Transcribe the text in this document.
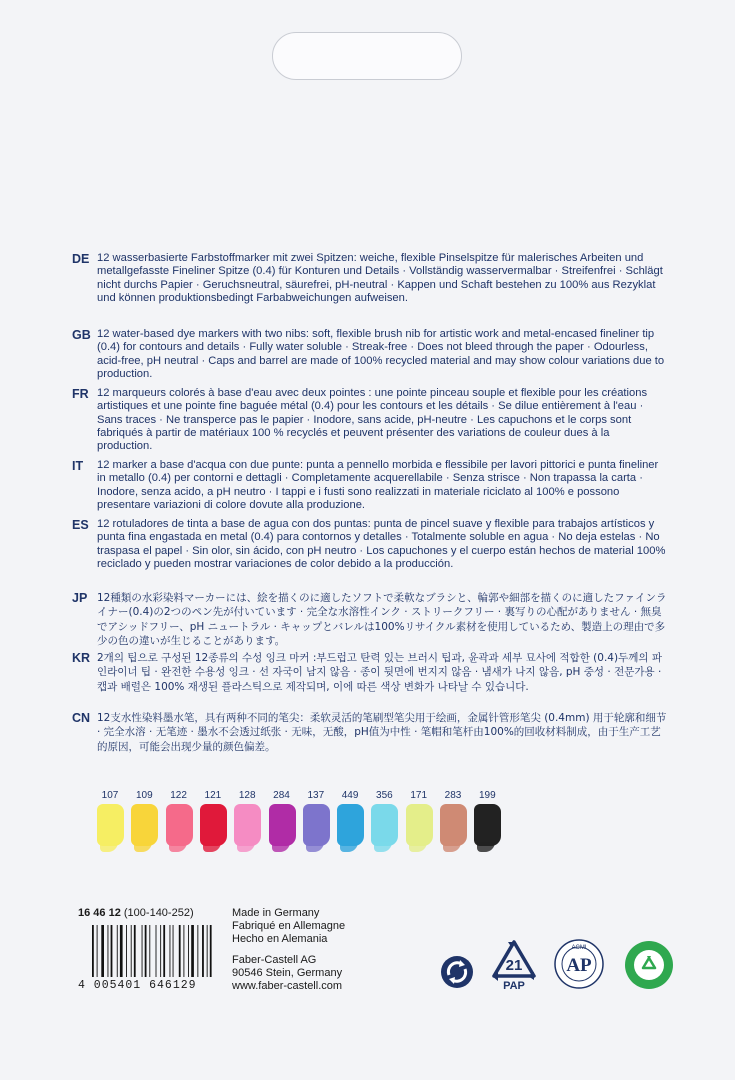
DE 12 wasserbasierte Farbstoffmarker mit zwei Spitzen: weiche, flexible Pinselspitze für malerisches Arbeiten und metallgefasste Fineliner Spitze (0.4) für Konturen und Details · Vollständig wasservermalbar · Streifenfrei · Schlägt nicht durchs Papier · Geruchsneutral, säurefrei, pH-neutral · Kappen und Schaft bestehen zu 100% aus Rezyklat und können produktionsbedingt Farbabweichungen aufweisen.

GB 12 water-based dye markers with two nibs: soft, flexible brush nib for artistic work and metal-encased fineliner tip (0.4) for contours and details · Fully water soluble · Streak-free · Does not bleed through the paper · Odourless, acid-free, pH neutral · Caps and barrel are made of 100% recycled material and may show colour variations due to production.

FR 12 marqueurs colorés à base d'eau avec deux pointes : une pointe pinceau souple et flexible pour les créations artistiques et une pointe fine baguée métal (0.4) pour les contours et les détails · Se dilue entièrement à l'eau · Sans traces · Ne transperce pas le papier · Inodore, sans acide, pH-neutre · Les capuchons et le corps sont fabriqués à partir de matériaux 100 % recyclés et peuvent présenter des variations de couleur dues à la production.

IT	12 marker a base d'acqua con due punte: punta a pennello morbida e flessibile per lavori pittorici e punta fineliner in metallo (0.4) per contorni e dettagli · Completamente acquerellabile · Senza strisce · Non trapassa la carta · Inodore, senza acido, a pH neutro · I tappi e i fusti sono realizzati in materiale riciclato al 100% e possono presentare variazioni di colore dovute alla produzione.

ES 12 rotuladores de tinta a base de agua con dos puntas: punta de pincel suave y flexible para trabajos artísticos y punta fina engastada en metal (0.4) para contornos y detalles · Totalmente soluble en agua · No deja estelas · No traspasa el papel · Sin olor, sin ácido, con pH neutro · Los capuchones y el cuerpo están hechos de material 100% reciclado y pueden mostrar variaciones de color debido a la producción.

JP 12種類の水彩染料マーカーには、絵を描くのに適したソフトで柔軟なブラシと、輪郭や細部を描くのに適したファインライナー(0.4)の2つのペン先が付いています · 完全な水溶性インク · ストリークフリー · 裏写りの心配がありません · 無臭でアシッドフリー、pH ニュートラル · キャップとバレルは100%リサイクル素材を使用しているため、製造上の理由で多少の色の違いが生じることがあります。

KR 2개의 팁으로 구성된 12종류의 수성 잉크 마커 :부드럽고 탄력 있는 브러시 팁과, 윤곽과 세부 묘사에 적합한 (0.4)두께의 파인라이너 팁 · 완전한 수용성 잉크 · 선 자국이 남지 않음 · 종이 뒷면에 번지지 않음 · 냄새가 나지 않음, pH 중성 · 전문가용 · 캡과 배럴은 100% 재생된 플라스틱으로 제작되며, 이에 따른 색상 변화가 나타날 수 있습니다.

CN 12支水性染料墨水笔，具有两种不同的笔尖：柔软灵活的笔刷型笔尖用于绘画，金属针管形笔尖 (0.4mm) 用于轮廓和细节 · 完全水溶 · 无笔迹 · 墨水不会透过纸张 · 无味，无酸，pH值为中性 · 笔帽和笔杆由100%的回收材料制成，由于生产工艺的原因，可能会出现少量的颜色偏差。

107	109	122	121	128	284	137	449	356	171	283	199
16 46 12 (100-140-252)
4 005401 646129
Made in Germany
Fabriqué en Allemagne
Hecho en Alemania
Faber-Castell AG
90546 Stein, Germany
www.faber-castell.com
21
PAP
ACMI
AP
